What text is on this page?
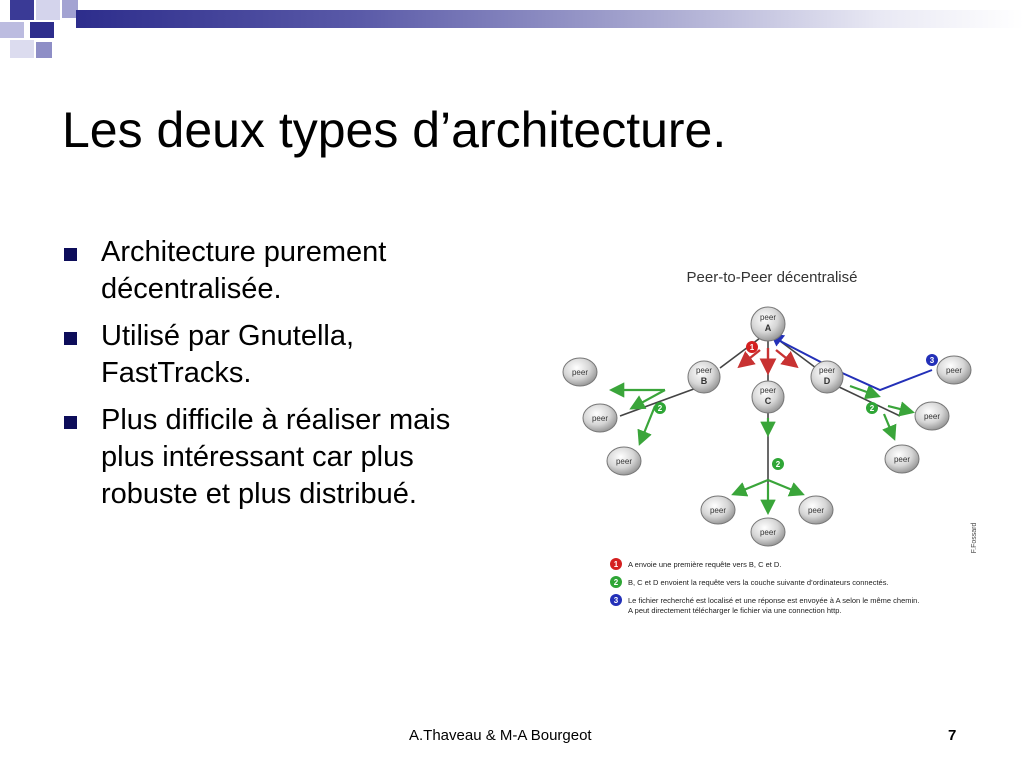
Les deux types d’architecture.
Architecture purement décentralisée.
Utilisé par Gnutella, FastTracks.
Plus difficile à réaliser mais plus intéressant car plus robuste et plus distribué.
Peer-to-Peer décentralisé
1
2
2
2
3
peer
A
peer
B
peer
C
peer
D
peer
peer
peer
peer
peer
peer
peer
peer
peer
F.Fossard
1 A envoie une première requête vers B, C et D.
2 B, C et D envoient la requête vers la couche suivante d’ordinateurs connectés.
3 Le fichier recherché est localisé et une réponse est envoyée à A selon le même chemin.
A peut directement télécharger le fichier via une connection http.
A.Thaveau & M-A Bourgeot	7
